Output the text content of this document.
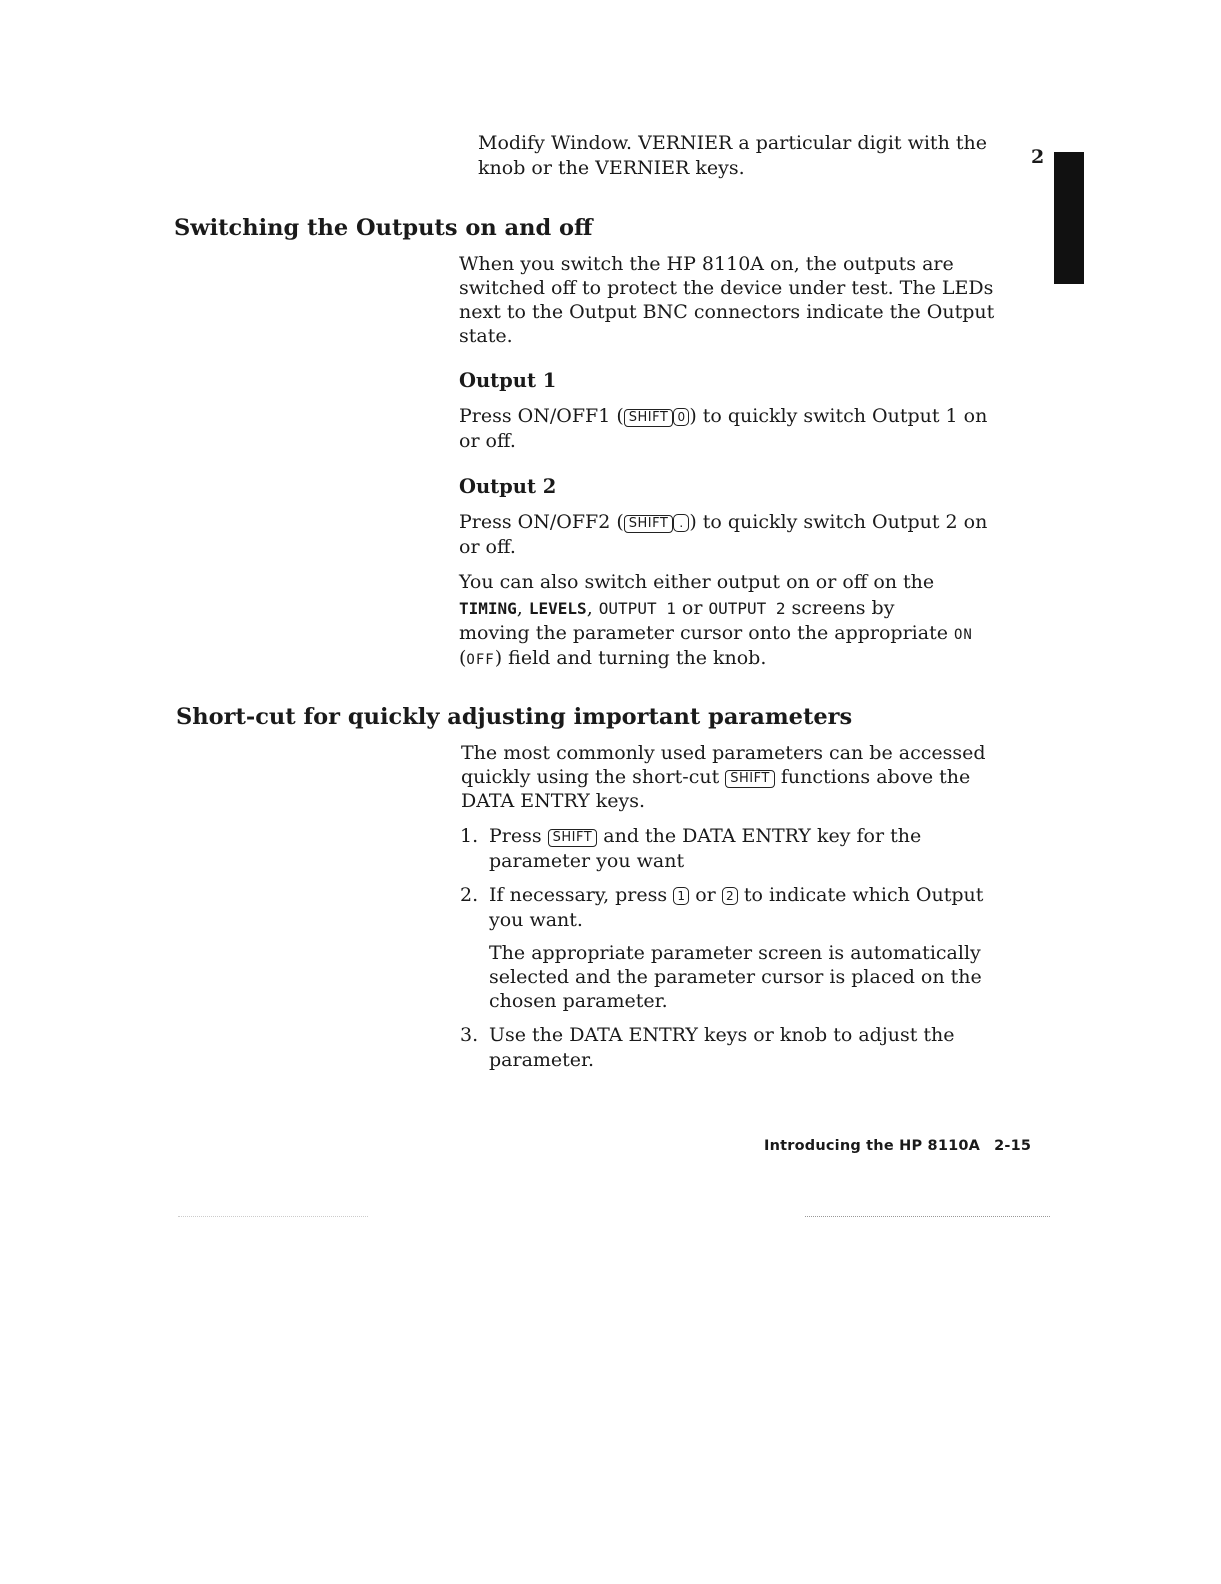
2

Modify Window. VERNIER a particular digit with the

knob or the VERNIER keys.

Switching the Outputs on and off

When you switch the HP 8110A on, the outputs are

switched off to protect the device under test. The LEDs

next to the Output BNC connectors indicate the Output

state.

Output 1

Press ON/OFF1 ( SHIFT 0 ) to quickly switch Output 1 on

or off.

Output 2

Press ON/OFF2 ( SHIFT . ) to quickly switch Output 2 on

or off.

You can also switch either output on or off on the

TIMING, LEVELS, OUTPUT 1 or OUTPUT 2 screens by

moving the parameter cursor onto the appropriate ON

(OFF) field and turning the knob.

Short-cut for quickly adjusting important parameters

The most commonly used parameters can be accessed

quickly using the short-cut SHIFT functions above the

DATA ENTRY keys.

1. Press SHIFT and the DATA ENTRY key for the
parameter you want
2. If necessary, press 1 or 2 to indicate which Output
you want.

The appropriate parameter screen is automatically

selected and the parameter cursor is placed on the

chosen parameter.

3. Use the DATA ENTRY keys or knob to adjust the
parameter.
Introducing the HP 8110A 2-15
